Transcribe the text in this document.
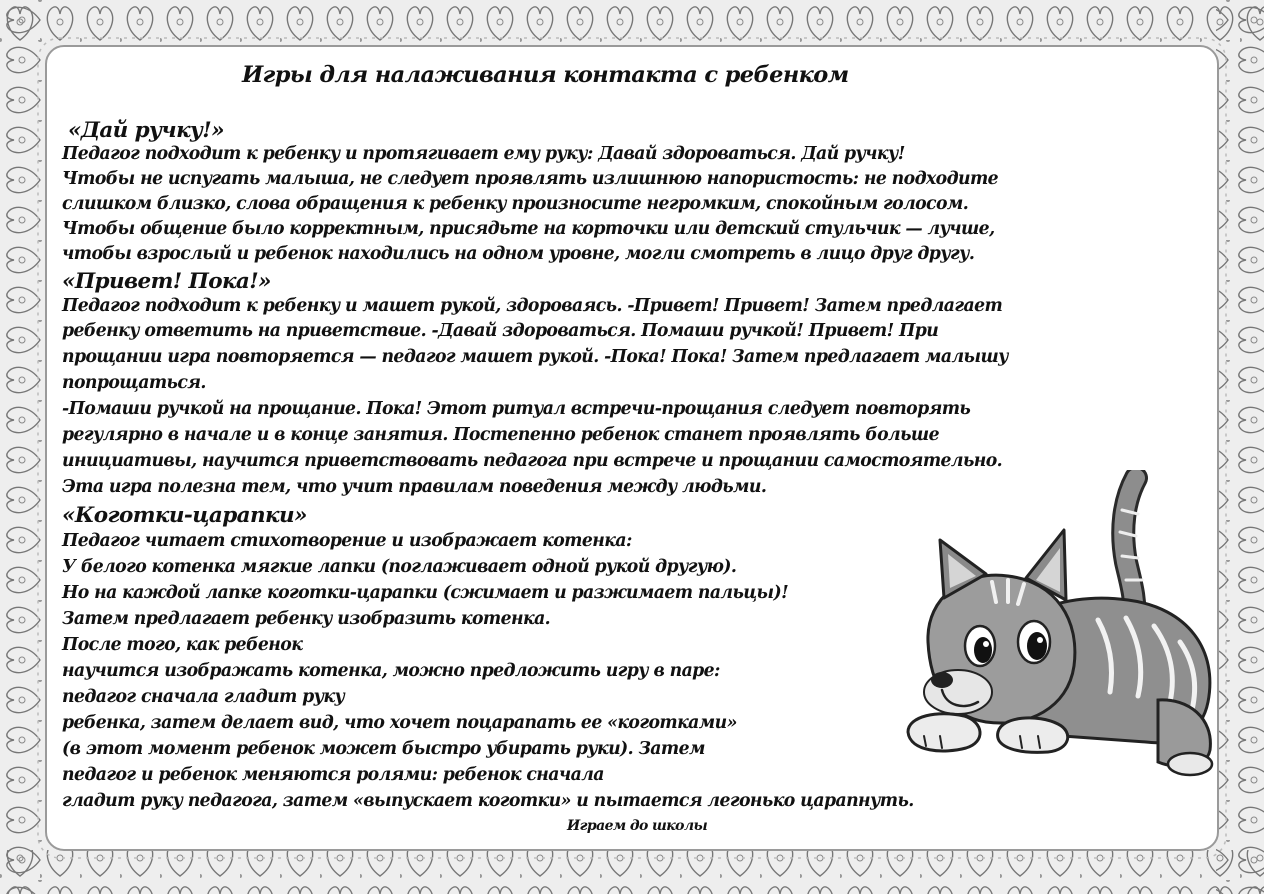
Игры для налаживания контакта с ребенком
«Дай ручку!»
Педагог подходит к ребенку и протягивает ему руку: Давай здороваться. Дай ручку!
Чтобы не испугать малыша, не следует проявлять излишнюю напористость: не подходите
слишком близко, слова обращения к ребенку произносите негромким, спокойным голосом.
Чтобы общение было корректным, присядьте на корточки или детский стульчик — лучше,
чтобы взрослый и ребенок находились на одном уровне, могли смотреть в лицо друг другу.
«Привет! Пока!»
Педагог подходит к ребенку и машет рукой, здороваясь. -Привет! Привет! Затем предлагает
ребенку ответить на приветствие. -Давай здороваться. Помаши ручкой! Привет! При
прощании игра повторяется — педагог машет рукой. -Пока! Пока! Затем предлагает малышу
попрощаться.
-Помаши ручкой на прощание. Пока! Этот ритуал встречи-прощания следует повторять
регулярно в начале и в конце занятия. Постепенно ребенок станет проявлять больше
инициативы, научится приветствовать педагога при встрече и прощании самостоятельно.
Эта игра полезна тем, что учит правилам поведения между людьми.
«Коготки-царапки»
Педагог читает стихотворение и изображает котенка:
У белого котенка мягкие лапки (поглаживает одной рукой другую).
Но на каждой лапке коготки-царапки (сжимает и разжимает пальцы)!
Затем предлагает ребенку изобразить котенка.
После того, как ребенок
научится изображать котенка, можно предложить игру в паре:
педагог сначала гладит руку
ребенка, затем делает вид, что хочет поцарапать ее «коготками»
(в этот момент ребенок может быстро убирать руки). Затем
педагог и ребенок меняются ролями: ребенок сначала
гладит руку педагога, затем «выпускает коготки» и пытается легонько царапнуть.
Играем до школы
